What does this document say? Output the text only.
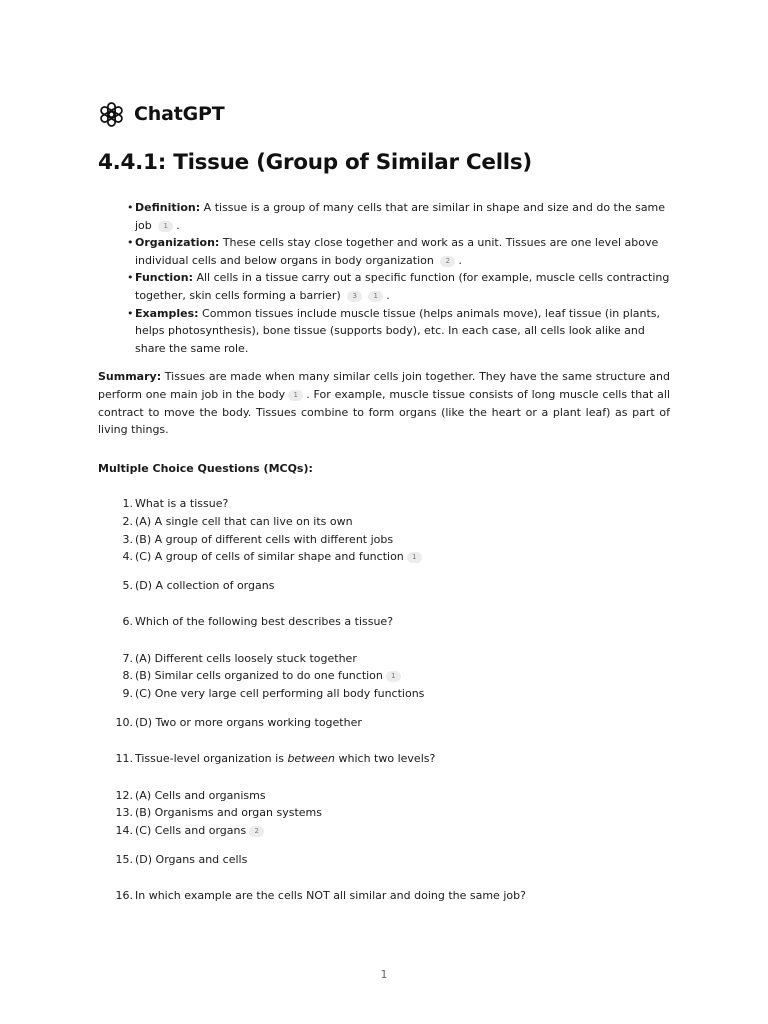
ChatGPT
4.4.1: Tissue (Group of Similar Cells)
• Definition: A tissue is a group of many cells that are similar in shape and size and do the same job 1 .
• Organization: These cells stay close together and work as a unit. Tissues are one level above individual cells and below organs in body organization 2 .
• Function: All cells in a tissue carry out a specific function (for example, muscle cells contracting together, skin cells forming a barrier) 3 1 .
• Examples: Common tissues include muscle tissue (helps animals move), leaf tissue (in plants, helps photosynthesis), bone tissue (supports body), etc. In each case, all cells look alike and share the same role.

Summary: Tissues are made when many similar cells join together. They have the same structure and perform one main job in the body 1 . For example, muscle tissue consists of long muscle cells that all contract to move the body. Tissues combine to form organs (like the heart or a plant leaf) as part of living things.

Multiple Choice Questions (MCQs):

1. What is a tissue?
2. (A) A single cell that can live on its own
3. (B) A group of different cells with different jobs
4. (C) A group of cells of similar shape and function 1
5. (D) A collection of organs
6. Which of the following best describes a tissue?
7. (A) Different cells loosely stuck together
8. (B) Similar cells organized to do one function 1
9. (C) One very large cell performing all body functions
10. (D) Two or more organs working together
11. Tissue-level organization is between which two levels?
12. (A) Cells and organisms
13. (B) Organisms and organ systems
14. (C) Cells and organs 2
15. (D) Organs and cells
16. In which example are the cells NOT all similar and doing the same job?
1
